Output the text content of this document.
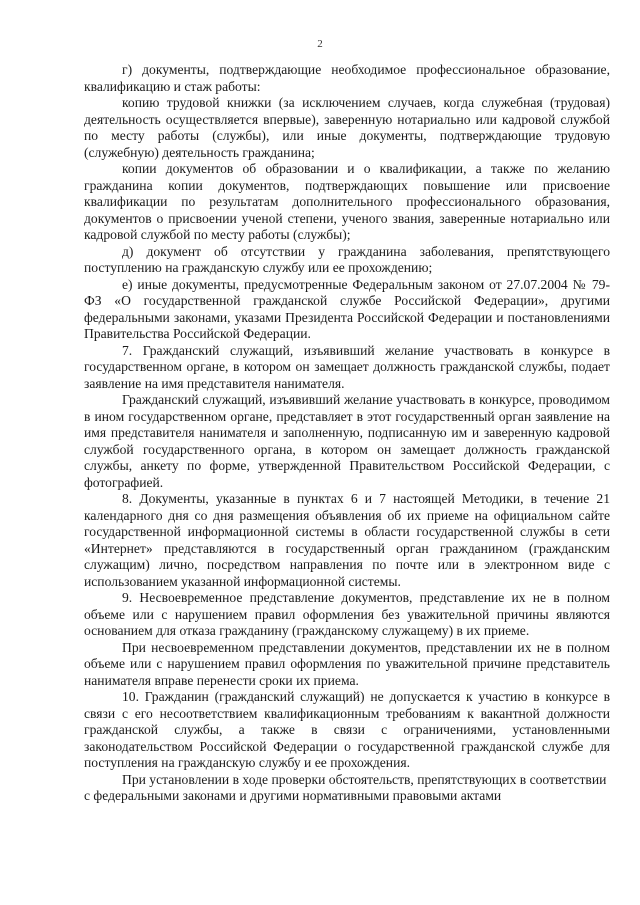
2

г) документы, подтверждающие необходимое профессиональное образование, квалификацию и стаж работы:

копию трудовой книжки (за исключением случаев, когда служебная (трудовая) деятельность осуществляется впервые), заверенную нотариально или кадровой службой по месту работы (службы), или иные документы, подтверждающие трудовую (служебную) деятельность гражданина;

копии документов об образовании и о квалификации, а также по желанию гражданина копии документов, подтверждающих повышение или присвоение квалификации по результатам дополнительного профессионального образования, документов о присвоении ученой степени, ученого звания, заверенные нотариально или кадровой службой по месту работы (службы);

д) документ об отсутствии у гражданина заболевания, препятствующего поступлению на гражданскую службу или ее прохождению;

е) иные документы, предусмотренные Федеральным законом от 27.07.2004 № 79-ФЗ «О государственной гражданской службе Российской Федерации», другими федеральными законами, указами Президента Российской Федерации и постановлениями Правительства Российской Федерации.

7. Гражданский служащий, изъявивший желание участвовать в конкурсе в государственном органе, в котором он замещает должность гражданской службы, подает заявление на имя представителя нанимателя.

Гражданский служащий, изъявивший желание участвовать в конкурсе, проводимом в ином государственном органе, представляет в этот государственный орган заявление на имя представителя нанимателя и заполненную, подписанную им и заверенную кадровой службой государственного органа, в котором он замещает должность гражданской службы, анкету по форме, утвержденной Правительством Российской Федерации, с фотографией.

8. Документы, указанные в пунктах 6 и 7 настоящей Методики, в течение 21 календарного дня со дня размещения объявления об их приеме на официальном сайте государственной информационной системы в области государственной службы в сети «Интернет» представляются в государственный орган гражданином (гражданским служащим) лично, посредством направления по почте или в электронном виде с использованием указанной информационной системы.

9. Несвоевременное представление документов, представление их не в полном объеме или с нарушением правил оформления без уважительной причины являются основанием для отказа гражданину (гражданскому служащему) в их приеме.

При несвоевременном представлении документов, представлении их не в полном объеме или с нарушением правил оформления по уважительной причине представитель нанимателя вправе перенести сроки их приема.

10. Гражданин (гражданский служащий) не допускается к участию в конкурсе в связи с его несоответствием квалификационным требованиям к вакантной должности гражданской службы, а также в связи с ограничениями, установленными законодательством Российской Федерации о государственной гражданской службе для поступления на гражданскую службу и ее прохождения.

При установлении в ходе проверки обстоятельств, препятствующих в соответствии с федеральными законами и другими нормативными правовыми актами
